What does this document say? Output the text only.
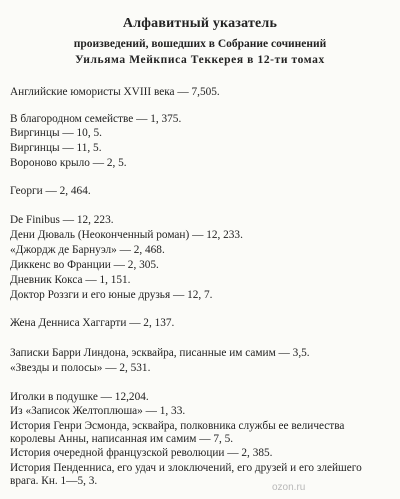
Алфавитный указатель
произведений, вошедших в Собрание сочинений
Уильяма Мейкписа Теккерея в 12-ти томах
Английские юмористы XVIII века — 7,505.
В благородном семействе — 1, 375.
Виргинцы — 10, 5.
Виргинцы — 11, 5.
Вороново крыло — 2, 5.
Георги — 2, 464.
De Finibus — 12, 223.
Дени Дюваль (Неоконченный роман) — 12, 233.
«Джордж де Барнуэл» — 2, 468.
Диккенс во Франции — 2, 305.
Дневник Кокса — 1, 151.
Доктор Роззги и его юные друзья — 12, 7.
Жена Денниса Хаггарти — 2, 137.
Записки Барри Линдона, эсквайра, писанные им самим — 3,5.
«Звезды и полосы» — 2, 531.
Иголки в подушке — 12,204.
Из «Записок Желтоплюша» — 1, 33.
История Генри Эсмонда, эсквайра, полковника службы ее величества королевы Анны, написанная им самим — 7, 5.
История очередной французской революции — 2, 385.
История Пенденниса, его удач и злоключений, его друзей и его злейшего врага. Кн. 1—5, 3.
ozon.ru
